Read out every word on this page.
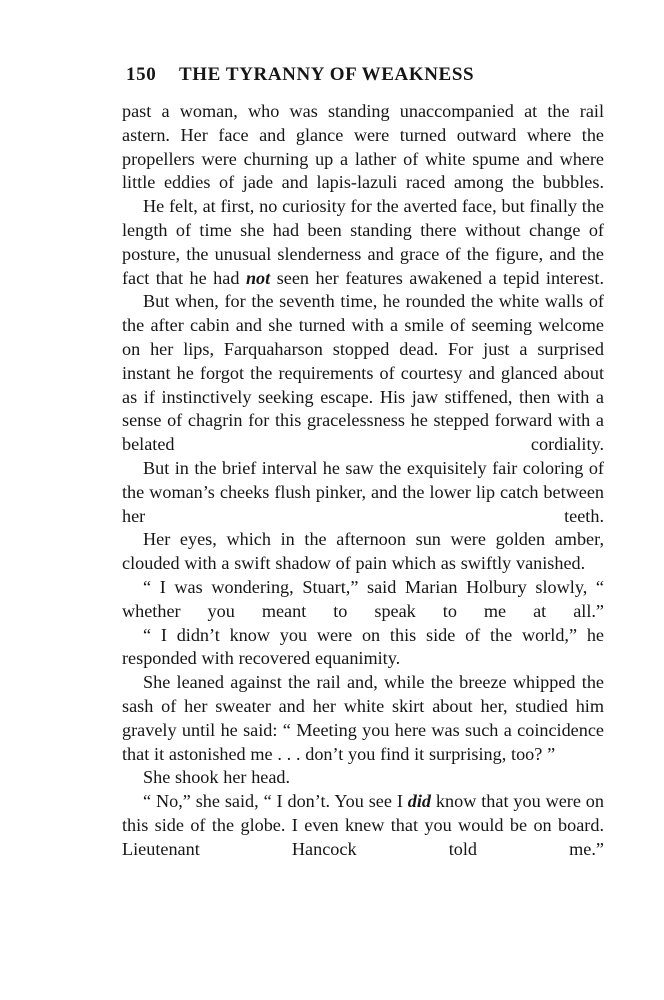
150	THE TYRANNY OF WEAKNESS

past a woman, who was standing unaccompanied at the rail astern. Her face and glance were turned outward where the propellers were churning up a lather of white spume and where little eddies of jade and lapis-lazuli raced among the bubbles.

He felt, at first, no curiosity for the averted face, but finally the length of time she had been standing there without change of posture, the unusual slenderness and grace of the figure, and the fact that he had not seen her features awakened a tepid interest.

But when, for the seventh time, he rounded the white walls of the after cabin and she turned with a smile of seeming welcome on her lips, Farquaharson stopped dead. For just a surprised instant he forgot the requirements of courtesy and glanced about as if instinctively seeking escape. His jaw stiffened, then with a sense of chagrin for this gracelessness he stepped forward with a belated cordiality.

But in the brief interval he saw the exquisitely fair coloring of the woman’s cheeks flush pinker, and the lower lip catch between her teeth.

Her eyes, which in the afternoon sun were golden amber, clouded with a swift shadow of pain which as swiftly vanished.

“ I was wondering, Stuart,” said Marian Holbury slowly, “ whether you meant to speak to me at all.”

“ I didn’t know you were on this side of the world,” he responded with recovered equanimity.

She leaned against the rail and, while the breeze whipped the sash of her sweater and her white skirt about her, studied him gravely until he said: “ Meeting you here was such a coincidence that it astonished me . . . don’t you find it surprising, too? ”

She shook her head.

“ No,” she said, “ I don’t. You see I did know that you were on this side of the globe. I even knew that you would be on board. Lieutenant Hancock told me.”
